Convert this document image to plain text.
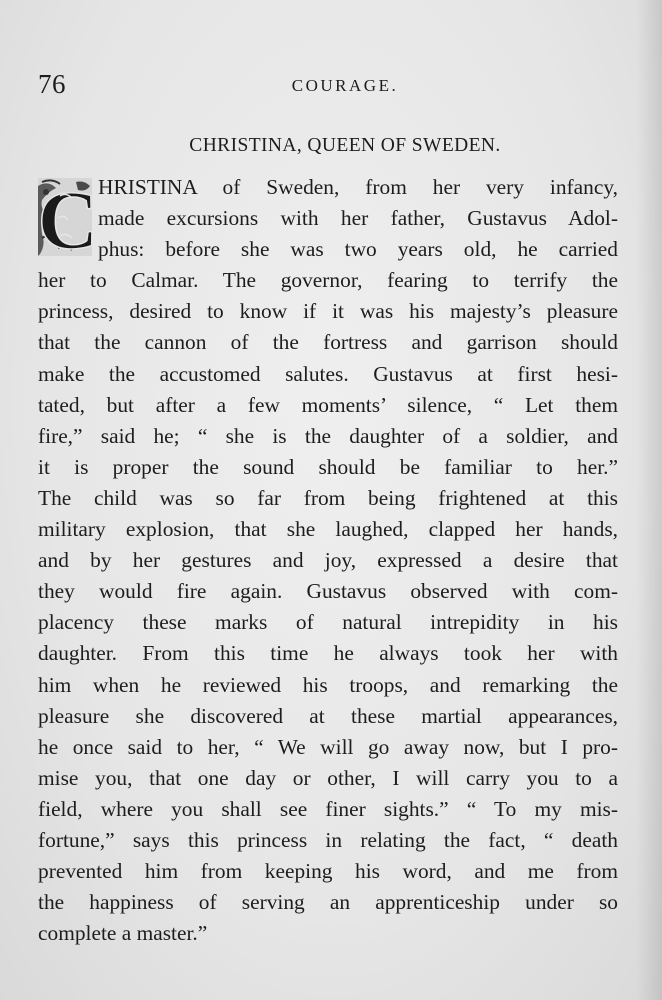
76	COURAGE.
CHRISTINA, QUEEN OF SWEDEN.
C HRISTINA of Sweden, from her very infancy,
made excursions with her father, Gustavus Adol-
phus: before she was two years old, he carried
her to Calmar. The governor, fearing to terrify the
princess, desired to know if it was his majesty’s pleasure
that the cannon of the fortress and garrison should
make the accustomed salutes. Gustavus at first hesi-
tated, but after a few moments’ silence, “ Let them
fire,” said he; “ she is the daughter of a soldier, and
it is proper the sound should be familiar to her.”
The child was so far from being frightened at this
military explosion, that she laughed, clapped her hands,
and by her gestures and joy, expressed a desire that
they would fire again. Gustavus observed with com-
placency these marks of natural intrepidity in his
daughter. From this time he always took her with
him when he reviewed his troops, and remarking the
pleasure she discovered at these martial appearances,
he once said to her, “ We will go away now, but I pro-
mise you, that one day or other, I will carry you to a
field, where you shall see finer sights.” “ To my mis-
fortune,” says this princess in relating the fact, “ death
prevented him from keeping his word, and me from
the happiness of serving an apprenticeship under so
complete a master.”
